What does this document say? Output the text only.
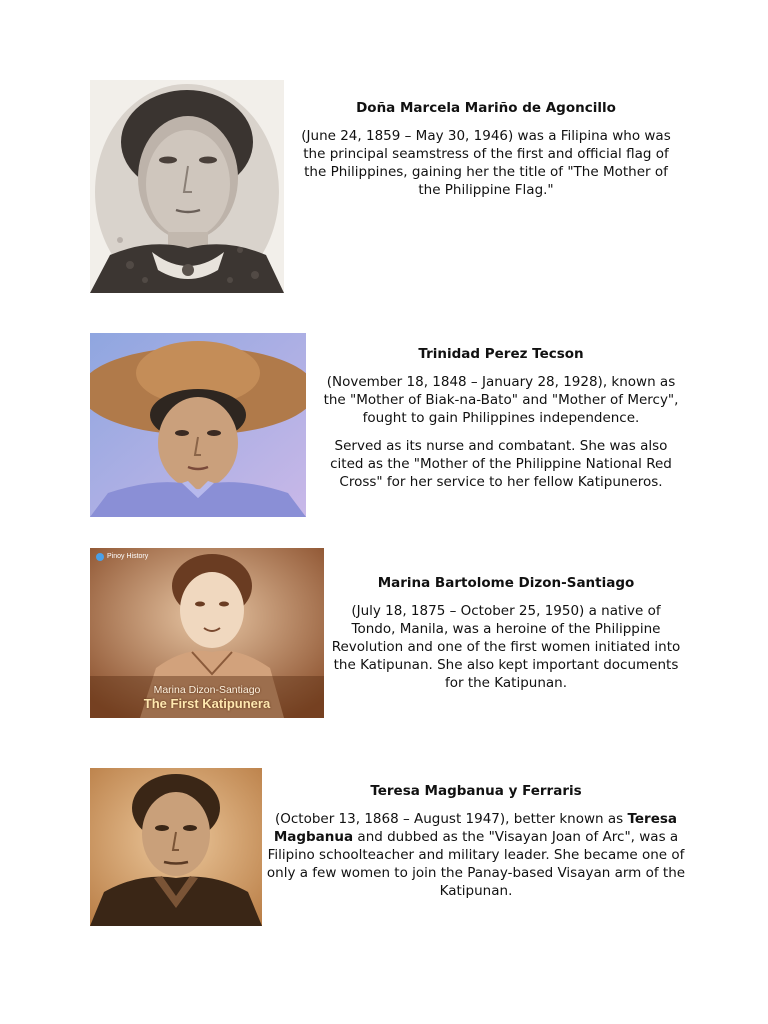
Doña Marcela Mariño de Agoncillo
(June 24, 1859 – May 30, 1946) was a Filipina who was the principal seamstress of the first and official flag of the Philippines, gaining her the title of "The Mother of the Philippine Flag."
Trinidad Perez Tecson
(November 18, 1848 – January 28, 1928), known as the "Mother of Biak-na-Bato" and "Mother of Mercy", fought to gain Philippines independence.
Served as its nurse and combatant. She was also cited as the "Mother of the Philippine National Red Cross" for her service to her fellow Katipuneros.
Pinoy History
Marina Dizon-Santiago
The First Katipunera
Marina Bartolome Dizon-Santiago
(July 18, 1875 – October 25, 1950) a native of Tondo, Manila, was a heroine of the Philippine Revolution and one of the first women initiated into the Katipunan. She also kept important documents for the Katipunan.
Teresa Magbanua y Ferraris
(October 13, 1868 – August 1947), better known as Teresa Magbanua and dubbed as the "Visayan Joan of Arc", was a Filipino schoolteacher and military leader. She became one of only a few women to join the Panay-based Visayan arm of the Katipunan.
